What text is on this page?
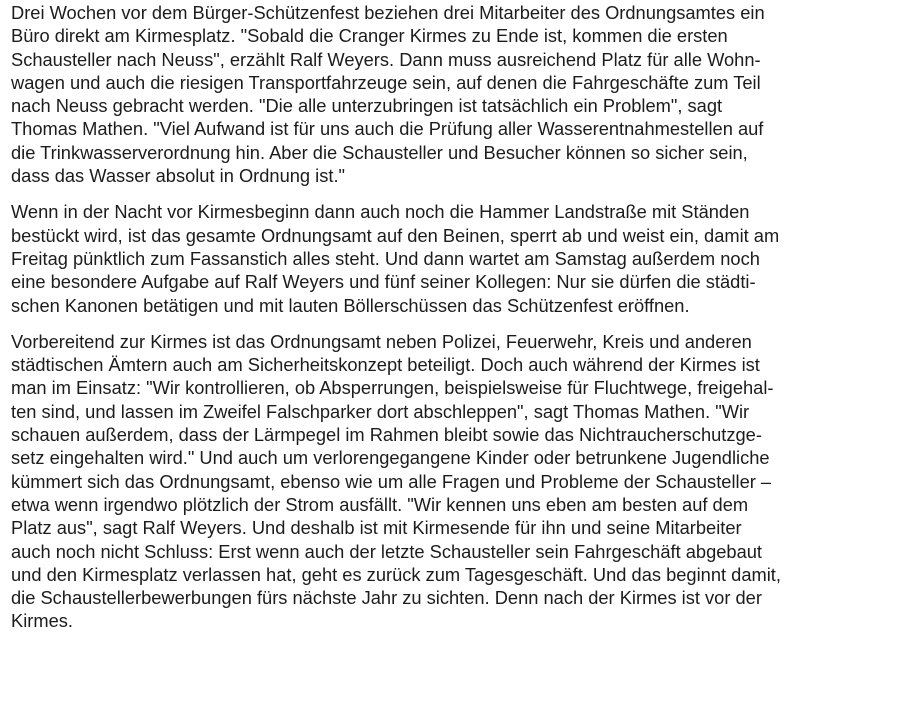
Drei Wochen vor dem Bürger-Schützenfest beziehen drei Mitarbeiter des Ordnungsamtes ein
Büro direkt am Kirmesplatz. "Sobald die Cranger Kirmes zu Ende ist, kommen die ersten
Schausteller nach Neuss", erzählt Ralf Weyers. Dann muss ausreichend Platz für alle Wohn-
wagen und auch die riesigen Transportfahrzeuge sein, auf denen die Fahrgeschäfte zum Teil
nach Neuss gebracht werden. "Die alle unterzubringen ist tatsächlich ein Problem", sagt
Thomas Mathen. "Viel Aufwand ist für uns auch die Prüfung aller Wasserentnahmestellen auf
die Trinkwasserverordnung hin. Aber die Schausteller und Besucher können so sicher sein,
dass das Wasser absolut in Ordnung ist."
Wenn in der Nacht vor Kirmesbeginn dann auch noch die Hammer Landstraße mit Ständen
bestückt wird, ist das gesamte Ordnungsamt auf den Beinen, sperrt ab und weist ein, damit am
Freitag pünktlich zum Fassanstich alles steht. Und dann wartet am Samstag außerdem noch
eine besondere Aufgabe auf Ralf Weyers und fünf seiner Kollegen: Nur sie dürfen die städti-
schen Kanonen betätigen und mit lauten Böllerschüssen das Schützenfest eröffnen.
Vorbereitend zur Kirmes ist das Ordnungsamt neben Polizei, Feuerwehr, Kreis und anderen
städtischen Ämtern auch am Sicherheitskonzept beteiligt. Doch auch während der Kirmes ist
man im Einsatz: "Wir kontrollieren, ob Absperrungen, beispielsweise für Fluchtwege, freigehal-
ten sind, und lassen im Zweifel Falschparker dort abschleppen", sagt Thomas Mathen. "Wir
schauen außerdem, dass der Lärmpegel im Rahmen bleibt sowie das Nichtraucherschutzge-
setz eingehalten wird." Und auch um verlorengegangene Kinder oder betrunkene Jugendliche
kümmert sich das Ordnungsamt, ebenso wie um alle Fragen und Probleme der Schausteller –
etwa wenn irgendwo plötzlich der Strom ausfällt. "Wir kennen uns eben am besten auf dem
Platz aus", sagt Ralf Weyers. Und deshalb ist mit Kirmesende für ihn und seine Mitarbeiter
auch noch nicht Schluss: Erst wenn auch der letzte Schausteller sein Fahrgeschäft abgebaut
und den Kirmesplatz verlassen hat, geht es zurück zum Tagesgeschäft. Und das beginnt damit,
die Schaustellerbewerbungen fürs nächste Jahr zu sichten. Denn nach der Kirmes ist vor der
Kirmes.
